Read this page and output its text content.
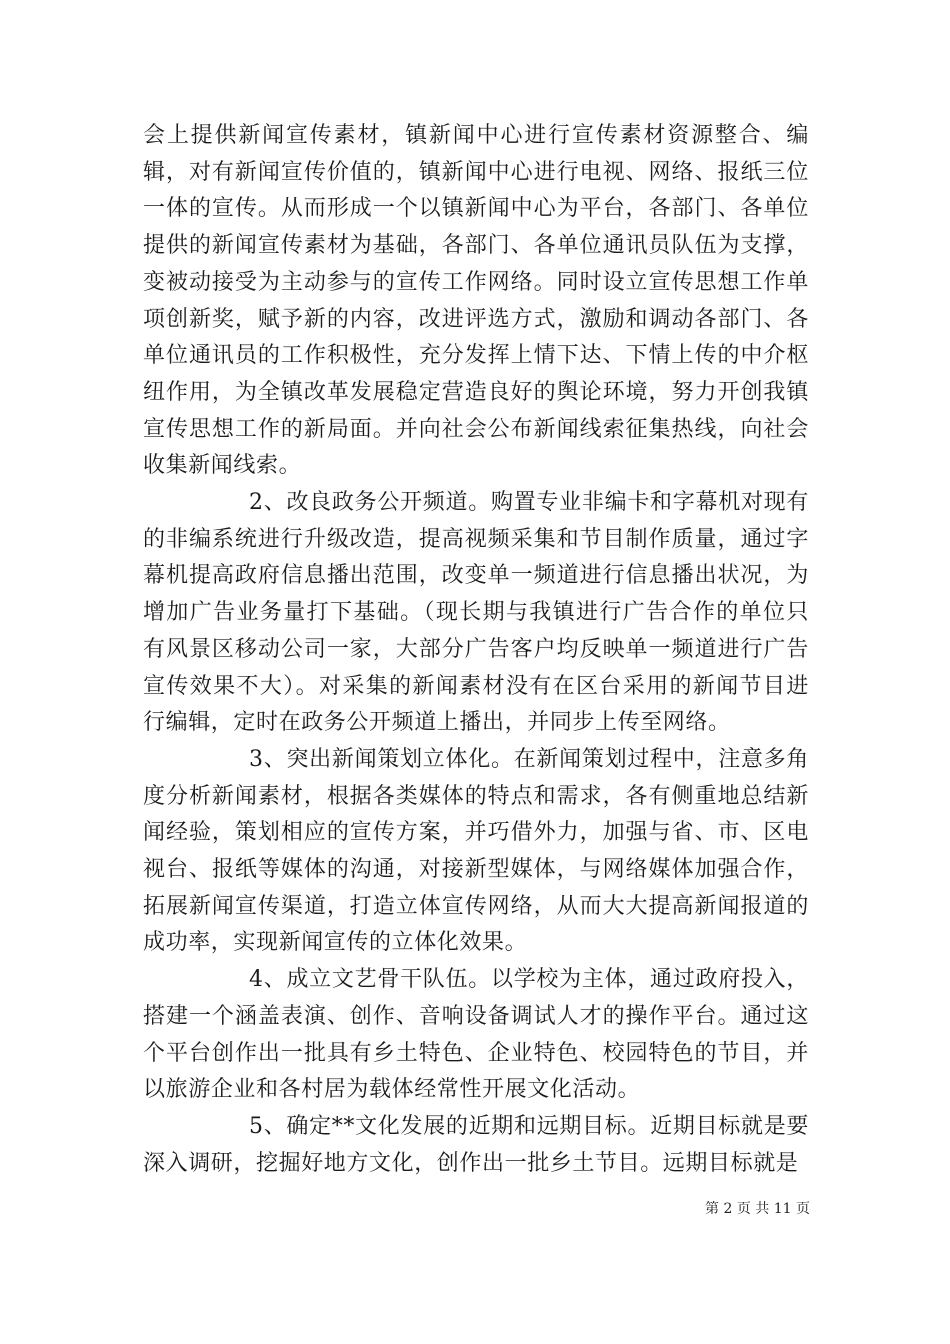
会上提供新闻宣传素材，镇新闻中心进行宣传素材资源整合、编辑，对有新闻宣传价值的，镇新闻中心进行电视、网络、报纸三位一体的宣传。从而形成一个以镇新闻中心为平台，各部门、各单位提供的新闻宣传素材为基础，各部门、各单位通讯员队伍为支撑，变被动接受为主动参与的宣传工作网络。同时设立宣传思想工作单项创新奖，赋予新的内容，改进评选方式，激励和调动各部门、各单位通讯员的工作积极性，充分发挥上情下达、下情上传的中介枢纽作用，为全镇改革发展稳定营造良好的舆论环境，努力开创我镇宣传思想工作的新局面。并向社会公布新闻线索征集热线，向社会收集新闻线索。

2、改良政务公开频道。购置专业非编卡和字幕机对现有的非编系统进行升级改造，提高视频采集和节目制作质量，通过字幕机提高政府信息播出范围，改变单一频道进行信息播出状况，为增加广告业务量打下基础。（现长期与我镇进行广告合作的单位只有风景区移动公司一家，大部分广告客户均反映单一频道进行广告宣传效果不大）。对采集的新闻素材没有在区台采用的新闻节目进行编辑，定时在政务公开频道上播出，并同步上传至网络。

3、突出新闻策划立体化。在新闻策划过程中，注意多角度分析新闻素材，根据各类媒体的特点和需求，各有侧重地总结新闻经验，策划相应的宣传方案，并巧借外力，加强与省、市、区电视台、报纸等媒体的沟通，对接新型媒体，与网络媒体加强合作，拓展新闻宣传渠道，打造立体宣传网络，从而大大提高新闻报道的成功率，实现新闻宣传的立体化效果。

4、成立文艺骨干队伍。以学校为主体，通过政府投入，搭建一个涵盖表演、创作、音响设备调试人才的操作平台。通过这个平台创作出一批具有乡土特色、企业特色、校园特色的节目，并以旅游企业和各村居为载体经常性开展文化活动。

5、确定**文化发展的近期和远期目标。近期目标就是要深入调研，挖掘好地方文化，创作出一批乡土节目。远期目标就是

第 2 页 共 11 页
